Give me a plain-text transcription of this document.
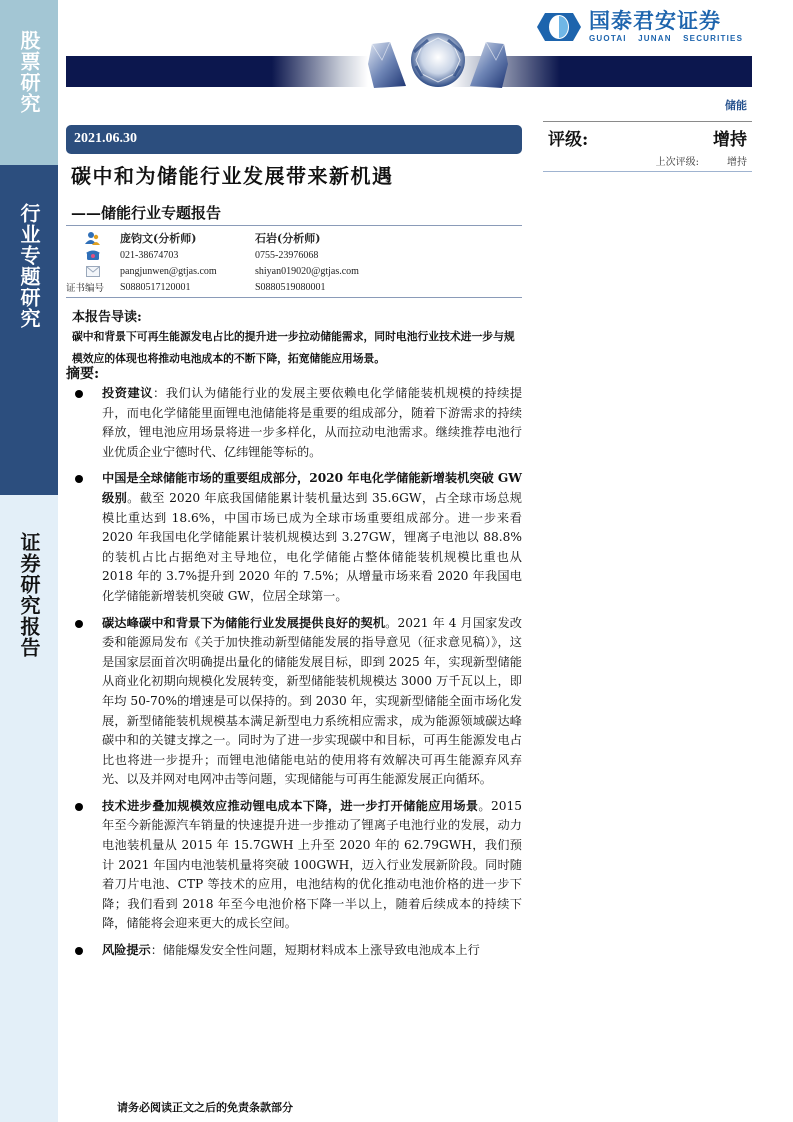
股票研究
行业专题研究
证券研究报告
国泰君安证券
GUOTAI JUNAN SECURITIES
储能
2021.06.30
碳中和为储能行业发展带来新机遇
——储能行业专题报告
评级:	增持
上次评级:	增持
庞钧文(分析师)	石岩(分析师)
021-38674703	0755-23976068
pangjunwen@gtjas.com	shiyan019020@gtjas.com
证书编号	S0880517120001	S0880519080001
本报告导读:
碳中和背景下可再生能源发电占比的提升进一步拉动储能需求，同时电池行业技术进一步与规模效应的体现也将推动电池成本的不断下降，拓宽储能应用场景。
摘要:
投资建议：我们认为储能行业的发展主要依赖电化学储能装机规模的持续提升，而电化学储能里面锂电池储能将是重要的组成部分，随着下游需求的持续释放，锂电池应用场景将进一步多样化，从而拉动电池需求。继续推荐电池行业优质企业宁德时代、亿纬锂能等标的。
中国是全球储能市场的重要组成部分，2020 年电化学储能新增装机突破 GW 级别。截至 2020 年底我国储能累计装机量达到 35.6GW，占全球市场总规模比重达到 18.6%，中国市场已成为全球市场重要组成部分。进一步来看 2020 年我国电化学储能累计装机规模达到 3.27GW，锂离子电池以 88.8%的装机占比占据绝对主导地位，电化学储能占整体储能装机规模比重也从 2018 年的 3.7%提升到 2020 年的 7.5%；从增量市场来看 2020 年我国电化学储能新增装机突破 GW，位居全球第一。
碳达峰碳中和背景下为储能行业发展提供良好的契机。2021 年 4 月国家发改委和能源局发布《关于加快推动新型储能发展的指导意见（征求意见稿）》，这是国家层面首次明确提出量化的储能发展目标，即到 2025 年，实现新型储能从商业化初期向规模化发展转变，新型储能装机规模达 3000 万千瓦以上，即年均 50-70%的增速是可以保持的。到 2030 年，实现新型储能全面市场化发展，新型储能装机规模基本满足新型电力系统相应需求，成为能源领域碳达峰碳中和的关键支撑之一。同时为了进一步实现碳中和目标，可再生能源发电占比也将进一步提升；而锂电池储能电站的使用将有效解决可再生能源弃风弃光、以及并网对电网冲击等问题，实现储能与可再生能源发展正向循环。
技术进步叠加规模效应推动锂电成本下降，进一步打开储能应用场景。2015 年至今新能源汽车销量的快速提升进一步推动了锂离子电池行业的发展，动力电池装机量从 2015 年 15.7GWH 上升至 2020 年的 62.79GWH，我们预计 2021 年国内电池装机量将突破 100GWH，迈入行业发展新阶段。同时随着刀片电池、CTP 等技术的应用，电池结构的优化推动电池价格的进一步下降；我们看到 2018 年至今电池价格下降一半以上，随着后续成本的持续下降，储能将会迎来更大的成长空间。
风险提示：储能爆发安全性问题，短期材料成本上涨导致电池成本上行
请务必阅读正文之后的免责条款部分
